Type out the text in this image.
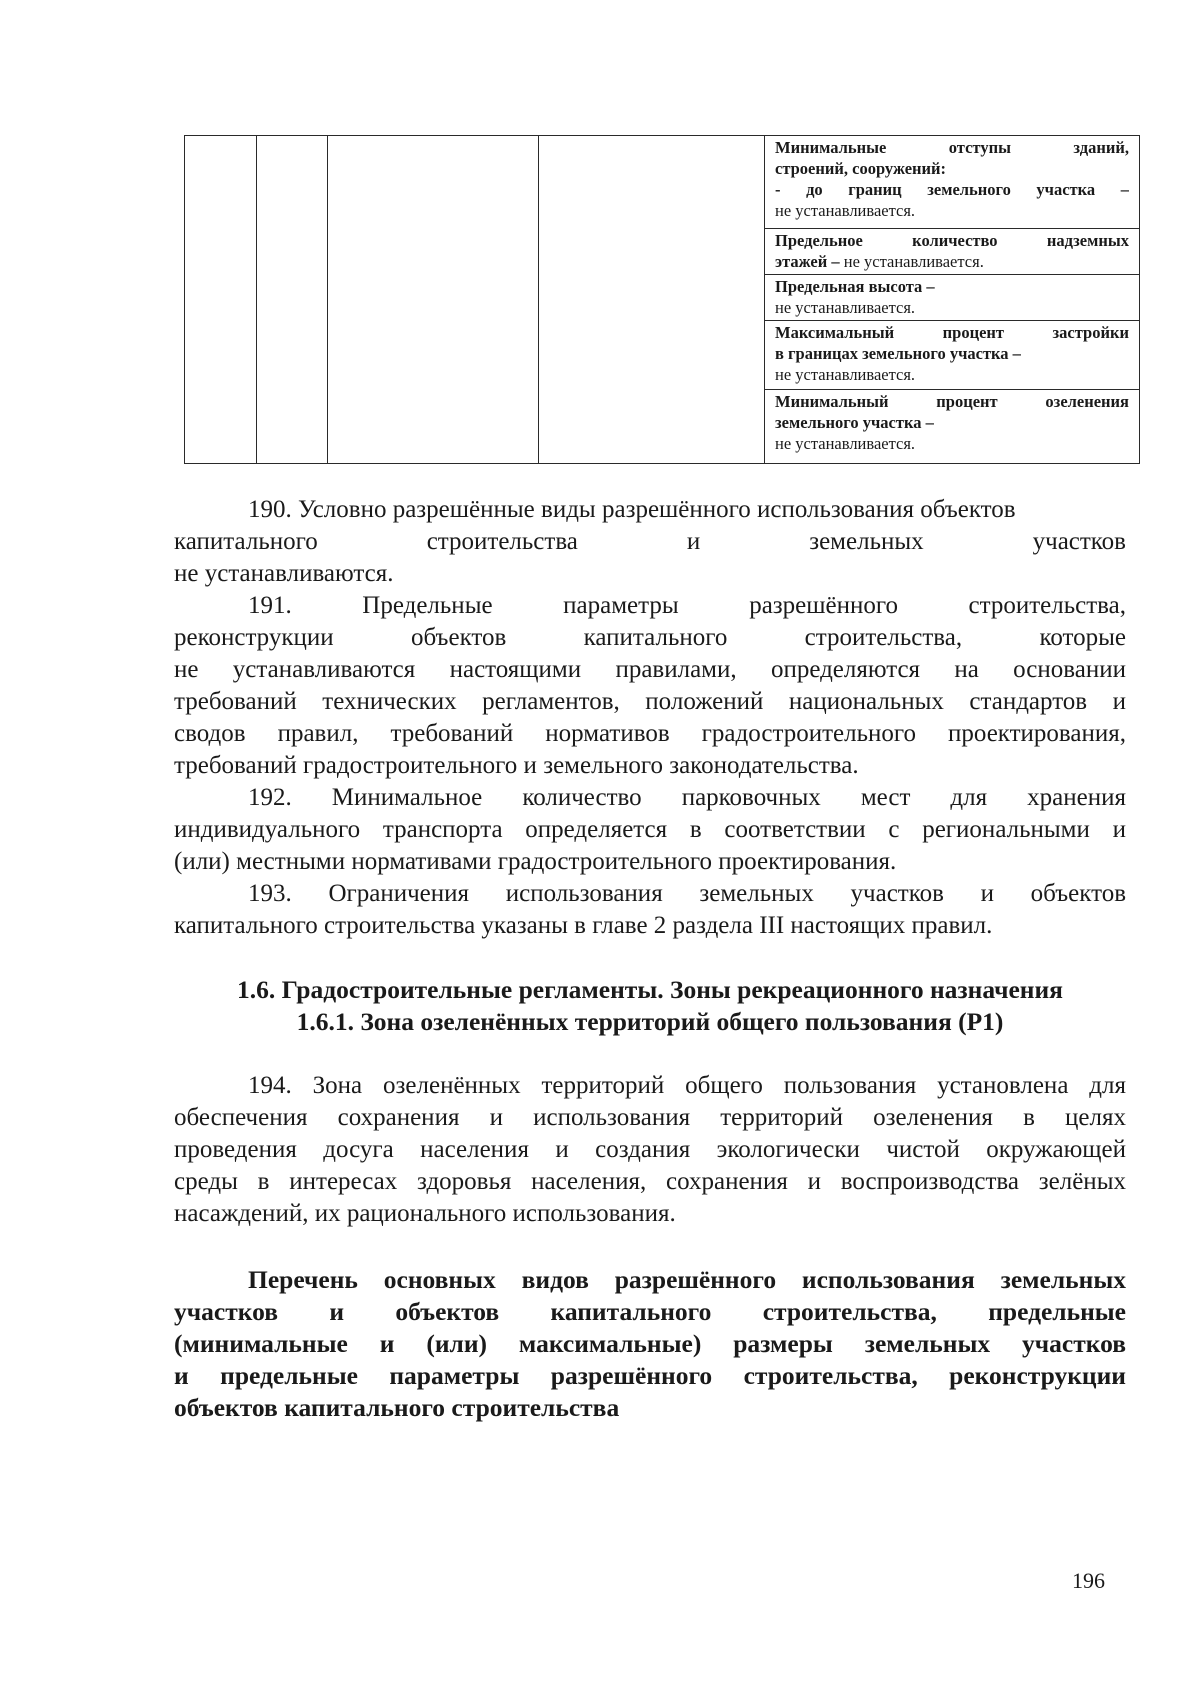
Минимальные отступы зданий,
строений, сооружений:
- до границ земельного участка –
не устанавливается.
Предельное количество надземных
этажей – не устанавливается.
Предельная высота –
не устанавливается.
Максимальный процент застройки
в границах земельного участка –
не устанавливается.
Минимальный процент озеленения
земельного участка –
не устанавливается.
190. Условно разрешённые виды разрешённого использования объектов
капитального строительства и земельных участков
не устанавливаются.
191. Предельные параметры разрешённого строительства,
реконструкции объектов капитального строительства, которые
не устанавливаются настоящими правилами, определяются на основании
требований технических регламентов, положений национальных стандартов и
сводов правил, требований нормативов градостроительного проектирования,
требований градостроительного и земельного законодательства.
192. Минимальное количество парковочных мест для хранения
индивидуального транспорта определяется в соответствии с региональными и
(или) местными нормативами градостроительного проектирования.
193. Ограничения использования земельных участков и объектов
капитального строительства указаны в главе 2 раздела III настоящих правил.
1.6. Градостроительные регламенты. Зоны рекреационного назначения
1.6.1. Зона озеленённых территорий общего пользования (Р1)
194. Зона озеленённых территорий общего пользования установлена для
обеспечения сохранения и использования территорий озеленения в целях
проведения досуга населения и создания экологически чистой окружающей
среды в интересах здоровья населения, сохранения и воспроизводства зелёных
насаждений, их рационального использования.
Перечень основных видов разрешённого использования земельных
участков и объектов капитального строительства, предельные
(минимальные и (или) максимальные) размеры земельных участков
и предельные параметры разрешённого строительства, реконструкции
объектов капитального строительства
196
